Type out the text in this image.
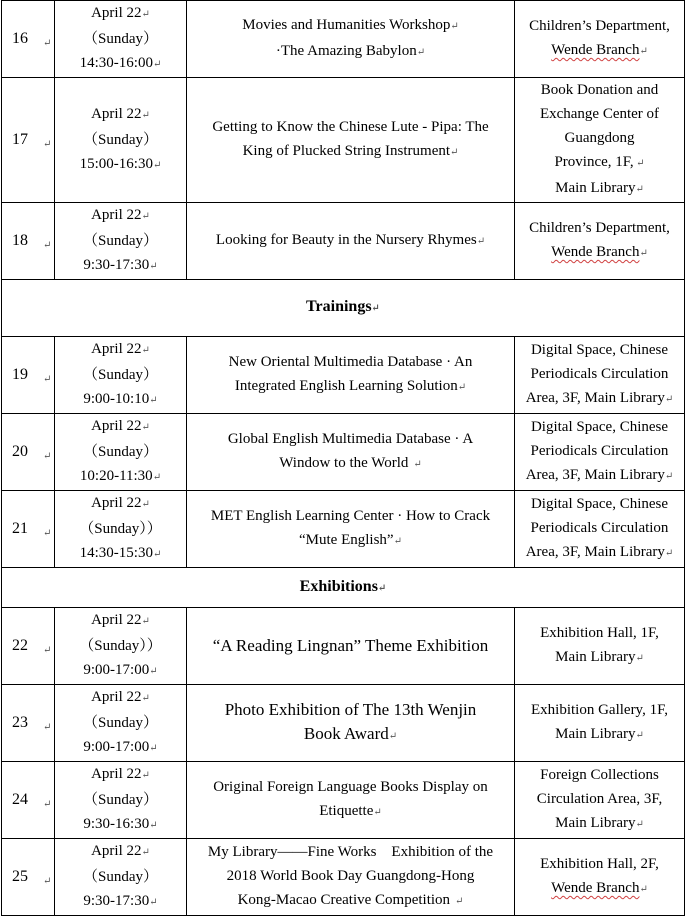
16 ↵	April 22↵
（Sunday）
14:30-16:00↵	Movies and Humanities Workshop↵
·The Amazing Babylon↵	Children’s Department,
Wende Branch↵

17 ↵	April 22↵
（Sunday）
15:00-16:30↵	Getting to Know the Chinese Lute - Pipa: The
King of Plucked String Instrument↵	Book Donation and
Exchange Center of
Guangdong
Province, 1F, ↵
Main Library↵

18 ↵	April 22↵
（Sunday）
9:30-17:30↵	Looking for Beauty in the Nursery Rhymes↵	Children’s Department,
Wende Branch↵

Trainings↵			
19 ↵	April 22↵
（Sunday）
9:00-10:10↵	New Oriental Multimedia Database · An
Integrated English Learning Solution↵	Digital Space, Chinese
Periodicals Circulation
Area, 3F, Main Library↵

20 ↵	April 22↵
（Sunday）
10:20-11:30↵	Global English Multimedia Database · A
Window to the World  ↵	Digital Space, Chinese
Periodicals Circulation
Area, 3F, Main Library↵

21 ↵	April 22↵
（Sunday））
14:30-15:30↵	MET English Learning Center · How to Crack
“Mute English”↵	Digital Space, Chinese
Periodicals Circulation
Area, 3F, Main Library↵

Exhibitions↵			
22 ↵	April 22↵
（Sunday））
9:00-17:00↵	“A Reading Lingnan” Theme Exhibition	Exhibition Hall, 1F,
Main Library↵

23 ↵	April 22↵
（Sunday）
9:00-17:00↵	Photo Exhibition of The 13th Wenjin
Book Award↵	Exhibition Gallery, 1F,
Main Library↵

24 ↵	April 22↵
（Sunday）
9:30-16:30↵	Original Foreign Language Books Display on
Etiquette↵	Foreign Collections
Circulation Area, 3F,
Main Library↵

25 ↵	April 22↵
（Sunday）
9:30-17:30↵	My Library——Fine Works　Exhibition of the
2018 World Book Day Guangdong-Hong
Kong-Macao Creative Competition  ↵	Exhibition Hall, 2F,
Wende Branch↵
